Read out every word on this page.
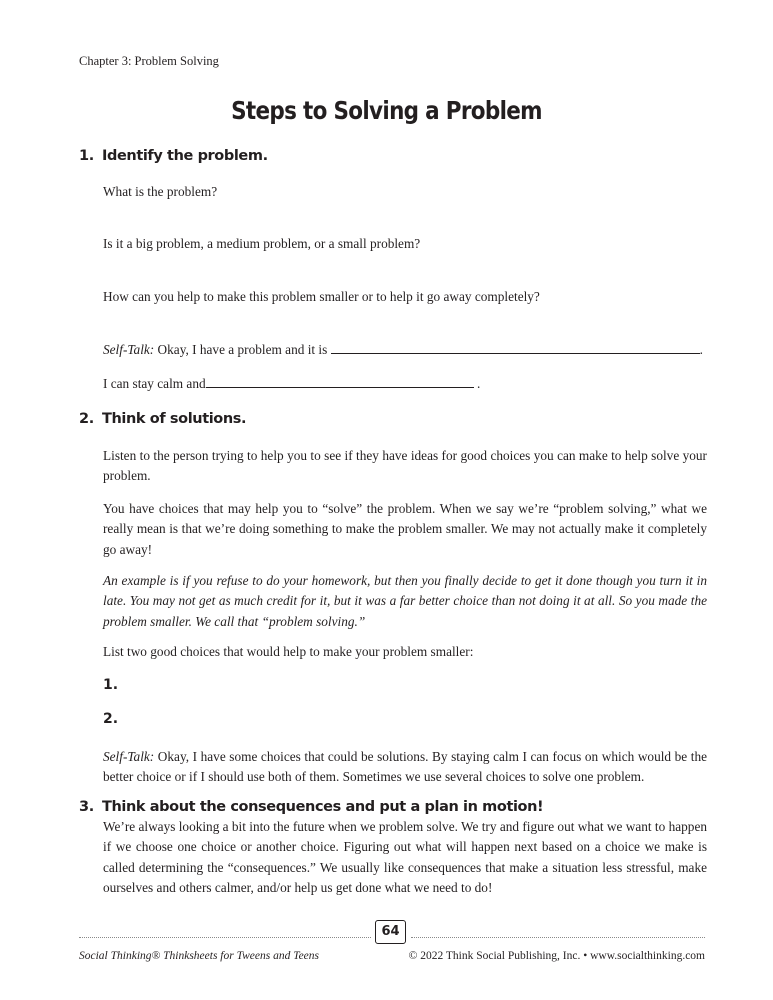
Chapter 3: Problem Solving
Steps to Solving a Problem
1. Identify the problem.
What is the problem?
Is it a big problem, a medium problem, or a small problem?
How can you help to make this problem smaller or to help it go away completely?
Self-Talk: Okay, I have a problem and it is	.
I can stay calm and	.
2. Think of solutions.
Listen to the person trying to help you to see if they have ideas for good choices you can make to help solve your problem.
You have choices that may help you to “solve” the problem. When we say we’re “problem solving,” what we really mean is that we’re doing something to make the problem smaller. We may not actually make it completely go away!
An example is if you refuse to do your homework, but then you finally decide to get it done though you turn it in late. You may not get as much credit for it, but it was a far better choice than not doing it at all. So you made the problem smaller. We call that “problem solving.”
List two good choices that would help to make your problem smaller:
1.
2.
Self-Talk: Okay, I have some choices that could be solutions. By staying calm I can focus on which would be the better choice or if I should use both of them. Sometimes we use several choices to solve one problem.
3. Think about the consequences and put a plan in motion!
We’re always looking a bit into the future when we problem solve. We try and figure out what we want to happen if we choose one choice or another choice. Figuring out what will happen next based on a choice we make is called determining the “consequences.” We usually like consequences that make a situation less stressful, make ourselves and others calmer, and/or help us get done what we need to do!
64
Social Thinking® Thinksheets for Tweens and Teens	© 2022 Think Social Publishing, Inc. • www.socialthinking.com
